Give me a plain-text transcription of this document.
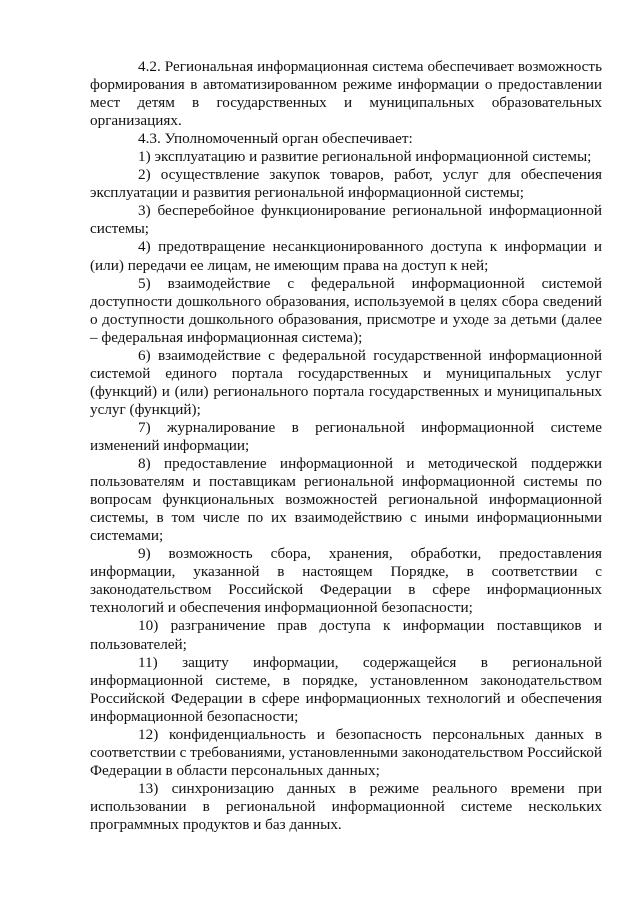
4.2. Региональная информационная система обеспечивает возможность формирования в автоматизированном режиме информации о предоставлении мест детям в государственных и муниципальных образовательных организациях.

4.3. Уполномоченный орган обеспечивает:

1) эксплуатацию и развитие региональной информационной системы;

2) осуществление закупок товаров, работ, услуг для обеспечения эксплуатации и развития региональной информационной системы;

3) бесперебойное функционирование региональной информационной системы;

4) предотвращение несанкционированного доступа к информации и (или) передачи ее лицам, не имеющим права на доступ к ней;

5) взаимодействие с федеральной информационной системой доступности дошкольного образования, используемой в целях сбора сведений о доступности дошкольного образования, присмотре и уходе за детьми (далее – федеральная информационная система);

6) взаимодействие с федеральной государственной информационной системой единого портала государственных и муниципальных услуг (функций) и (или) регионального портала государственных и муниципальных услуг (функций);

7) журналирование в региональной информационной системе изменений информации;

8) предоставление информационной и методической поддержки пользователям и поставщикам региональной информационной системы по вопросам функциональных возможностей региональной информационной системы, в том числе по их взаимодействию с иными информационными системами;

9) возможность сбора, хранения, обработки, предоставления информации, указанной в настоящем Порядке, в соответствии с законодательством Российской Федерации в сфере информационных технологий и обеспечения информационной безопасности;

10) разграничение прав доступа к информации поставщиков и пользователей;

11) защиту информации, содержащейся в региональной информационной системе, в порядке, установленном законодательством Российской Федерации в сфере информационных технологий и обеспечения информационной безопасности;

12) конфиденциальность и безопасность персональных данных в соответствии с требованиями, установленными законодательством Российской Федерации в области персональных данных;

13) синхронизацию данных в режиме реального времени при использовании в региональной информационной системе нескольких программных продуктов и баз данных.
